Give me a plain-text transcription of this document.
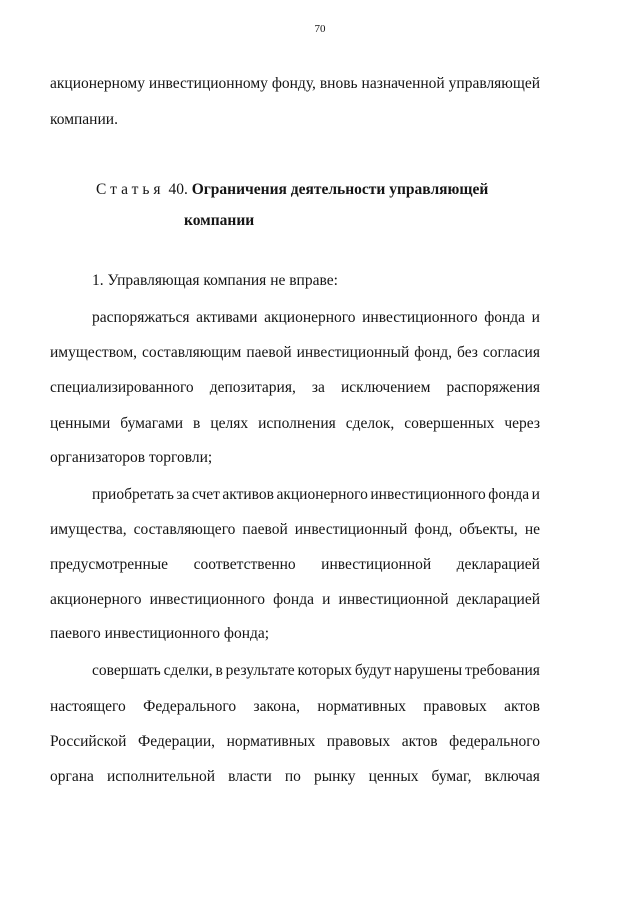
70
акционерному инвестиционному фонду, вновь назначенной управляющей
компании.
Статья 40. Ограничения деятельности управляющей
компании
1. Управляющая компания не вправе:
распоряжаться активами акционерного инвестиционного фонда и
имуществом, составляющим паевой инвестиционный фонд, без согласия
специализированного депозитария, за исключением распоряжения
ценными бумагами в целях исполнения сделок, совершенных через
организаторов торговли;
приобретать за счет активов акционерного инвестиционного фонда и
имущества, составляющего паевой инвестиционный фонд, объекты, не
предусмотренные соответственно инвестиционной декларацией
акционерного инвестиционного фонда и инвестиционной декларацией
паевого инвестиционного фонда;
совершать сделки, в результате которых будут нарушены требования
настоящего Федерального закона, нормативных правовых актов
Российской Федерации, нормативных правовых актов федерального
органа исполнительной власти по рынку ценных бумаг, включая
